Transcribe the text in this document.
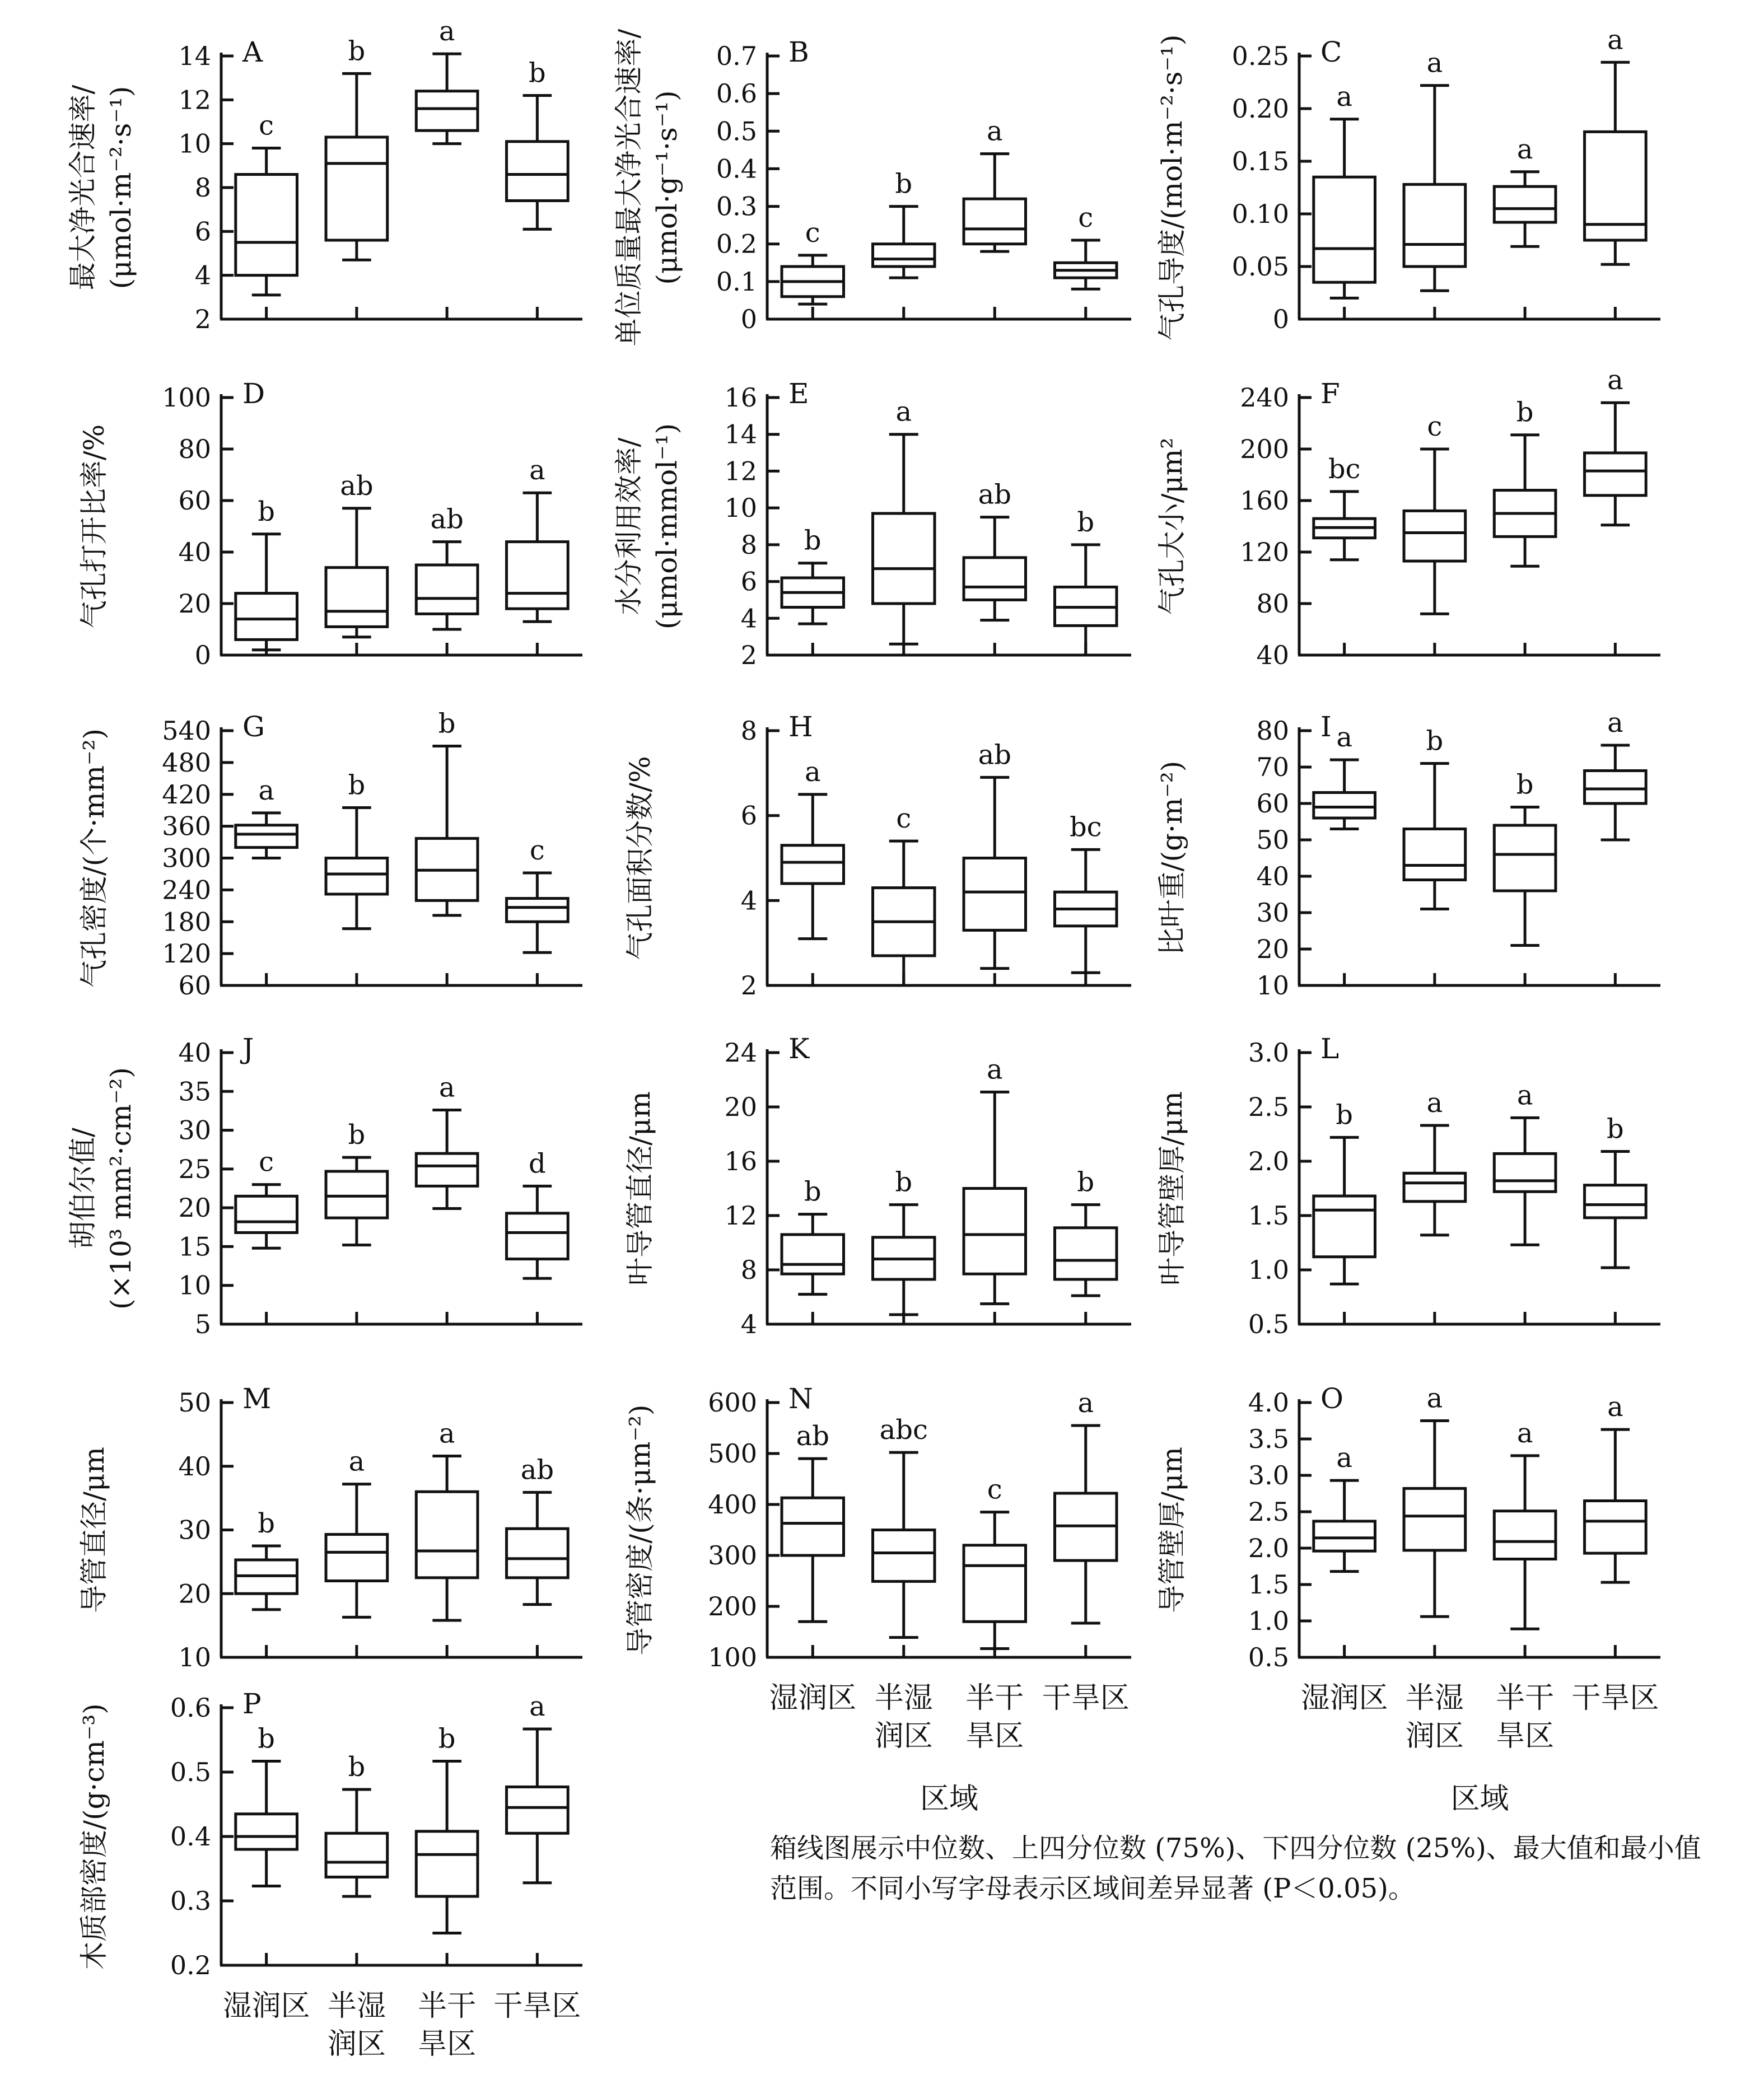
2
4
6
8
10
12
14 A
最大净光合速率/ (μmol·m⁻²·s⁻¹)	c
b
a
b
0
0.1
0.2
0.3
0.4
0.5
0.6
0.7 B
单位质量最大净光合速率/ (μmol·g⁻¹·s⁻¹)	c
b
a
c
0
0.05
0.10
0.15
0.20
0.25 C
气孔导度/(mol·m⁻²·s⁻¹)	a
a
a
a
0
20
40
60
80
100 D
气孔打开比率/%	b
ab
ab
a
2
4
6
8
10
12
14
16 E
水分利用效率/ (μmol·mmol⁻¹)	b
a
ab
b
40
80
120
160
200
240 F
气孔大小/μm²	bc
c	b
a
60
120
180
240
300
360
420
480
540 G
气孔密度/(个·mm⁻²)	a	b
b
c
2
4
6
8 H
气孔面积分数/%	a
c
ab
bc
10
20
30
40
50
60
70
80 I
比叶重/(g·m⁻²)
a	b
b
a
5
10
15
20
25
30
35
40 J
胡伯尔值/ (×10³ mm²·cm⁻²)	c
b
a
d
4
8
12
16
20
24 K
叶导管直径/μm	b	b
a
b
0.5
1.0
1.5
2.0
2.5
3.0 L
叶导管壁厚/μm	b	a	a
b
10
20
30
40
50 M
导管直径/μm	b
a
a
ab
100
200
300
400
500
600 N
导管密度/(条·μm⁻²)	ab abc
c
a
湿润区 半湿
润区
半干
旱区
干旱区
区域
0.5
1.0
1.5
2.0
2.5
3.0
3.5
4.0 O
导管壁厚/μm	a
a
a
a
湿润区 半湿
润区
半干
旱区
干旱区
区域
0.2
0.3
0.4
0.5
0.6 P
木质部密度/(g·cm⁻³)	b
b
b
a
湿润区 半湿
润区
半干
旱区
干旱区
箱线图展示中位数、上四分位数 (75%)、下四分位数 (25%)、最大值和最小值范围。不同小写字母表示区域间差异显著 (P＜0.05)。
